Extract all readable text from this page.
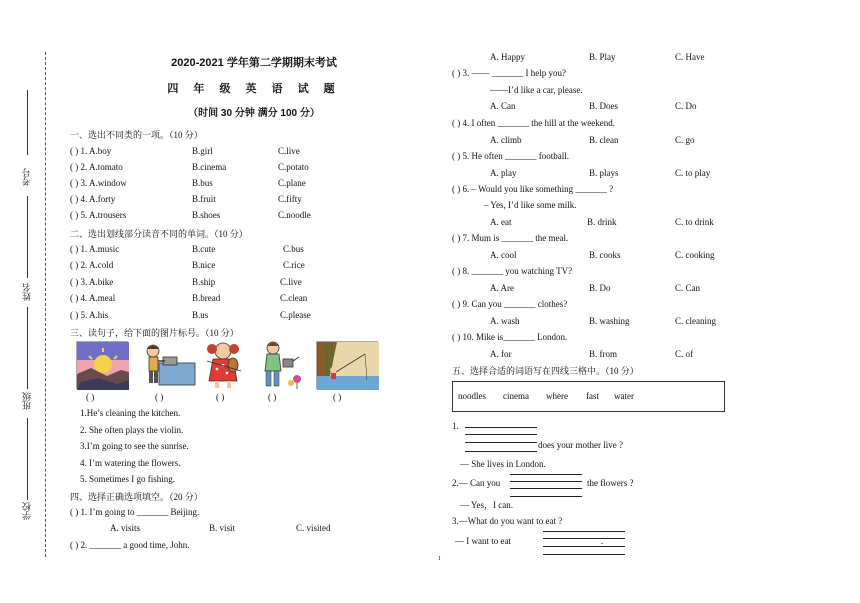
考号
姓名
班级
学校
2020-2021 学年第二学期期末考试
四 年 级 英 语 试 题
（时间 30 分钟 满分 100 分）
一、选出不同类的一项。（10 分）
( ) 1. A.boy	B.girl	C.live
( ) 2. A.tomato	B.cinema	C.potato
( ) 3. A.window	B.bus	C.plane
( ) 4. A.forty	B.fruit	C.fifty
( ) 5. A.trousers	B.shoes	C.noodle
二、选出划线部分读音不同的单词。（10 分）
( ) 1. A.music	B.cute	C.bus
( ) 2. A.cold	B.nice	C.rice
( ) 3. A.bike	B.ship	C.live
( ) 4. A.meal	B.bread	C.clean
( ) 5. A.his	B.us	C.please
三、读句子，给下面的图片标号。（10 分）
( )	( )	( )	( )	( )
1.He’s cleaning the kitchen.
2. She often plays the violin.
3.I’m going to see the sunrise.
4. I’m watering the flowers.
5. Sometimes I go fishing.
四、选择正确选项填空。（20 分）
( ) 1. I’m going to _______ Beijing.
A. visits	B. visit	C. visited
( ) 2. _______ a good time, John.
A. Happy	B. Play	C. Have
( ) 3. —— _______ I help you?
——I’d like a car, please.
A. Can	B. Does	C. Do
( ) 4. I often _______ the hill at the weekend.
A. climb	B. clean	C. go
( ) 5. He often _______ football.
A. play	B. plays	C. to play
( ) 6. – Would you like something _______ ?
– Yes, I’d like some milk.
A. eat	B. drink	C. to drink
( ) 7. Mum is _______ the meal.
A. cool	B. cooks	C. cooking
( ) 8. _______ you watching TV?
A. Are	B. Do	C. Can
( ) 9. Can you _______ clothes?
A. wash	B. washing	C. cleaning
( ) 10. Mike is_______ London.
A. for	B. from	C. of
五、选择合适的词语写在四线三格中。（10 分）
noodles cinema where fast water
1.
does your mother live ?
— She lives in London.
2.— Can you	the flowers ?
— Yes，I can.
3.—What do you want to eat ?
— I want to eat	.
1
